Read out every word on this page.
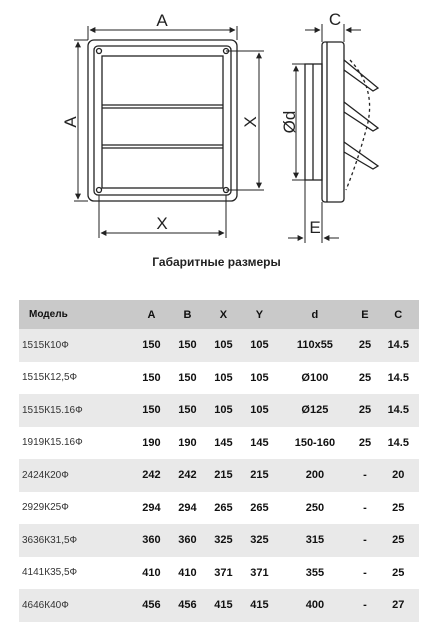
A
A
X
X
C
Ød
E
Габаритные размеры
Модель	A	B	X	Y	d	E	C
1515К10Ф	150	150	105	105	110х55	25	14.5
1515К12,5Ф	150	150	105	105	Ø100	25	14.5
1515К15.16Ф	150	150	105	105	Ø125	25	14.5
1919К15.16Ф	190	190	145	145	150-160	25	14.5
2424К20Ф	242	242	215	215	200	-	20
2929К25Ф	294	294	265	265	250	-	25
3636К31,5Ф	360	360	325	325	315	-	25
4141К35,5Ф	410	410	371	371	355	-	25
4646К40Ф	456	456	415	415	400	-	27
